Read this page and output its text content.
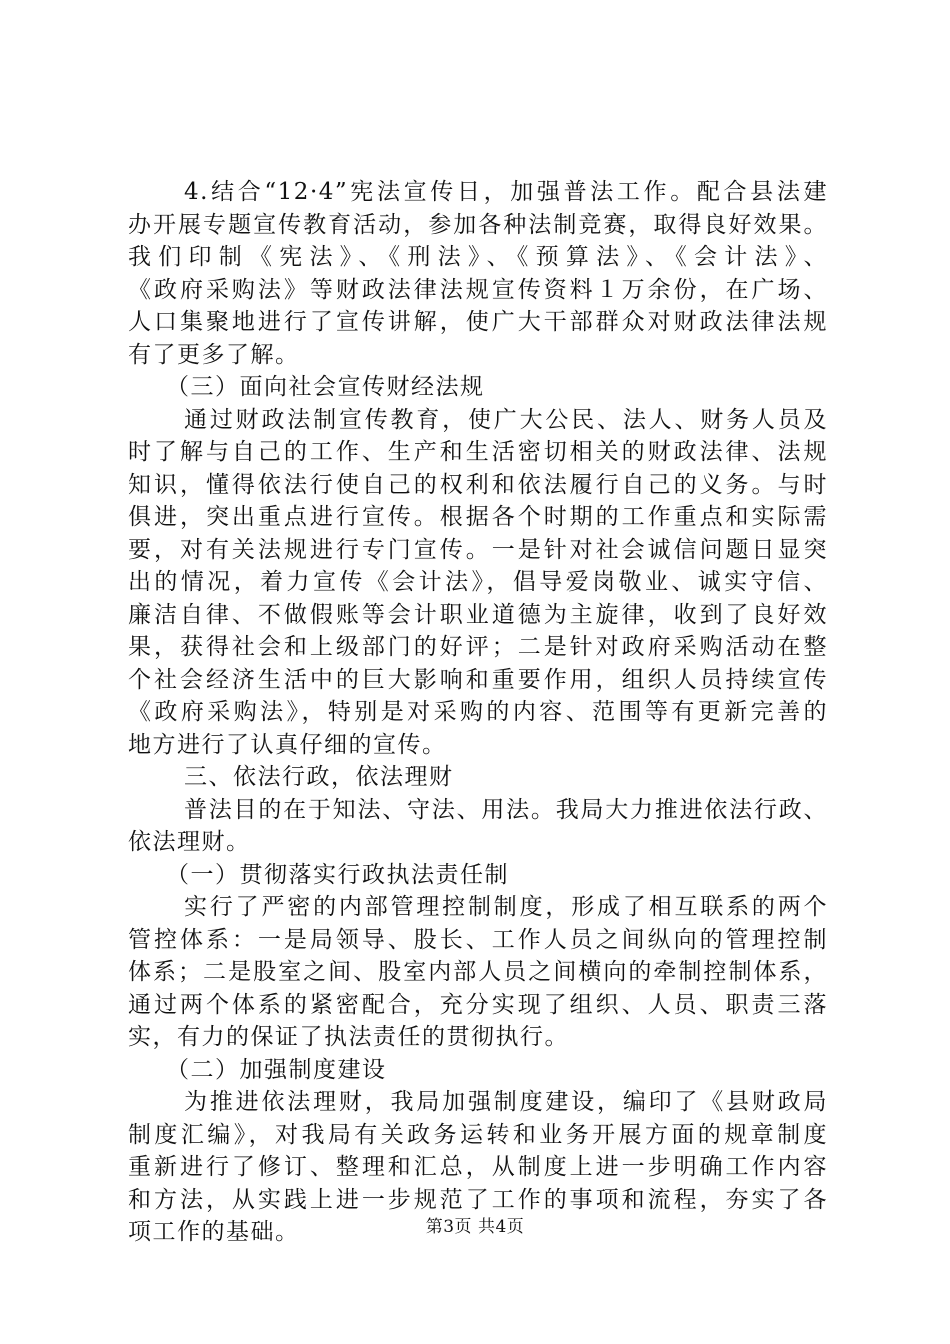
4.结合“12·4”宪法宣传日，加强普法工作。配合县法建
办开展专题宣传教育活动，参加各种法制竞赛，取得良好效果。
我们印制《宪法》、《刑法》、《预算法》、《会计法》、
《政府采购法》等财政法律法规宣传资料１万余份，在广场、
人口集聚地进行了宣传讲解，使广大干部群众对财政法律法规
有了更多了解。
（三）面向社会宣传财经法规
通过财政法制宣传教育，使广大公民、法人、财务人员及
时了解与自己的工作、生产和生活密切相关的财政法律、法规
知识，懂得依法行使自己的权利和依法履行自己的义务。与时
俱进，突出重点进行宣传。根据各个时期的工作重点和实际需
要，对有关法规进行专门宣传。一是针对社会诚信问题日显突
出的情况，着力宣传《会计法》，倡导爱岗敬业、诚实守信、
廉洁自律、不做假账等会计职业道德为主旋律，收到了良好效
果，获得社会和上级部门的好评；二是针对政府采购活动在整
个社会经济生活中的巨大影响和重要作用，组织人员持续宣传
《政府采购法》，特别是对采购的内容、范围等有更新完善的
地方进行了认真仔细的宣传。
三、依法行政，依法理财
普法目的在于知法、守法、用法。我局大力推进依法行政、
依法理财。
（一）贯彻落实行政执法责任制
实行了严密的内部管理控制制度，形成了相互联系的两个
管控体系：一是局领导、股长、工作人员之间纵向的管理控制
体系；二是股室之间、股室内部人员之间横向的牵制控制体系，
通过两个体系的紧密配合，充分实现了组织、人员、职责三落
实，有力的保证了执法责任的贯彻执行。
（二）加强制度建设
为推进依法理财，我局加强制度建设，编印了《县财政局
制度汇编》，对我局有关政务运转和业务开展方面的规章制度
重新进行了修订、整理和汇总，从制度上进一步明确工作内容
和方法，从实践上进一步规范了工作的事项和流程，夯实了各
项工作的基础。	第3页 共4页
